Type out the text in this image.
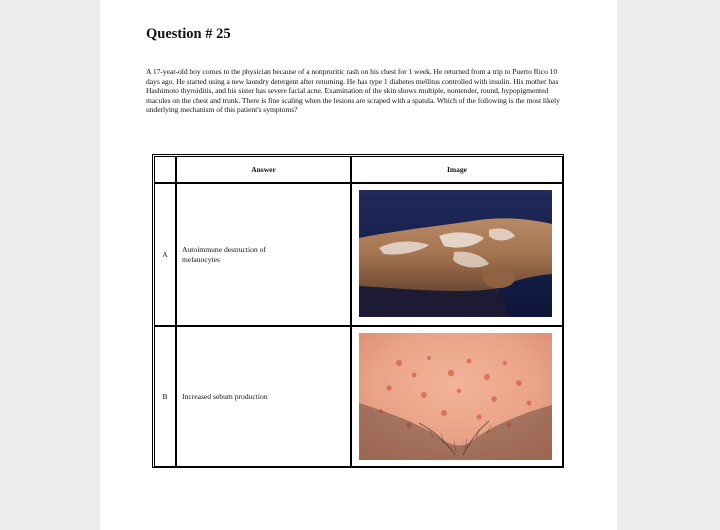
Question # 25
A 17-year-old boy comes to the physician because of a nonpruritic rash on his chest for 1 week. He returned from a trip to Puerto Rico 10 days ago. He started using a new laundry detergent after returning. He has type 1 diabetes mellitus controlled with insulin. His mother has Hashimoto thyroiditis, and his sister has severe facial acne. Examination of the skin shows multiple, nontender, round, hypopigmented macules on the chest and trunk. There is fine scaling when the lesions are scraped with a spatula. Which of the following is the most likely underlying mechanism of this patient's symptoms?
Answer	Image
A
Autoimmune destruction of
melanocytes
B	Increased sebum production
